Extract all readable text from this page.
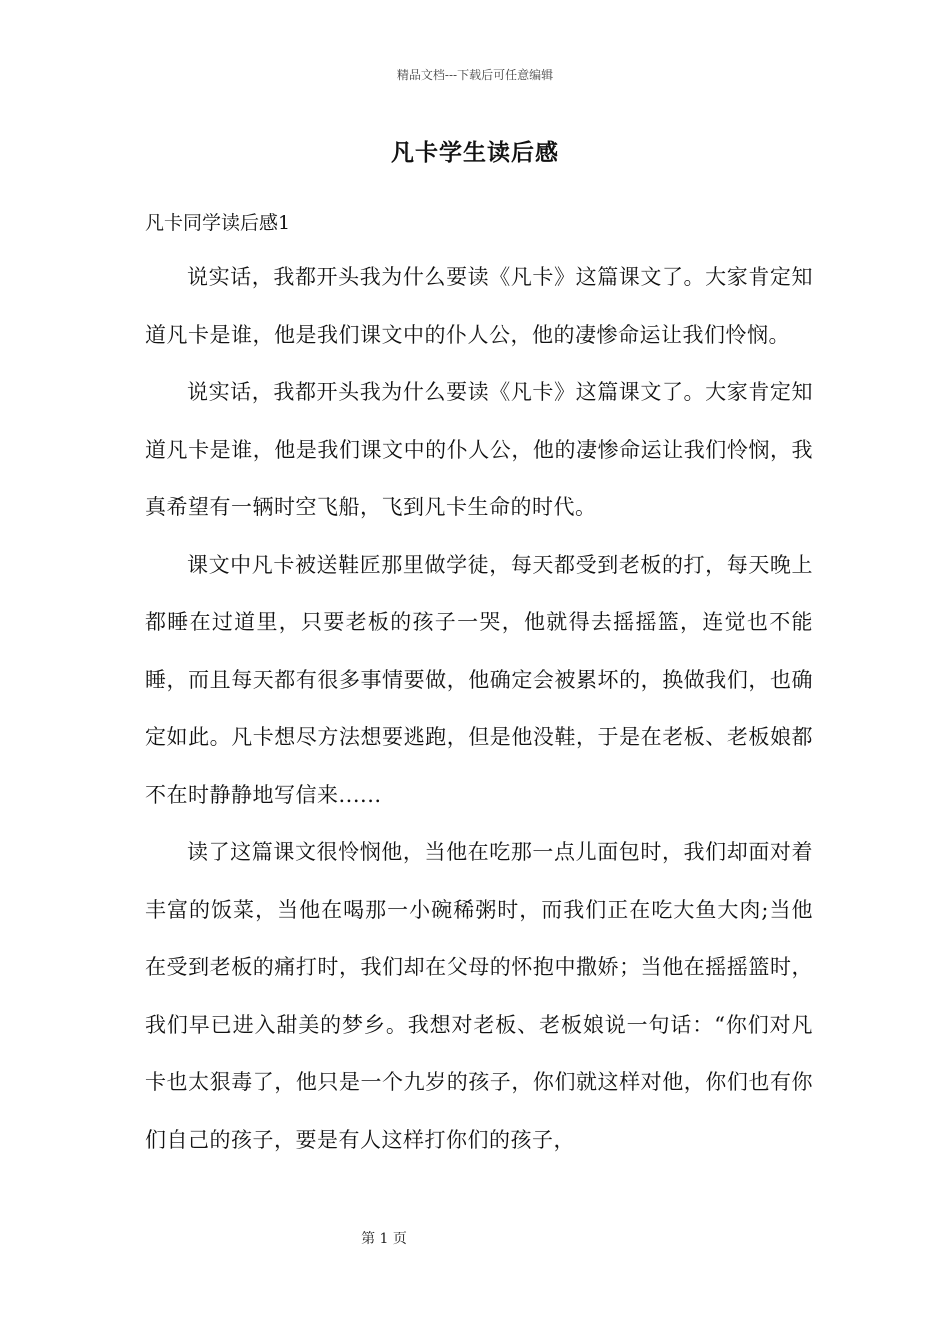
精品文档---下载后可任意编辑
凡卡学生读后感
凡卡同学读后感1

说实话，我都开头我为什么要读《凡卡》这篇课文了。大家肯定知道凡卡是谁，他是我们课文中的仆人公，他的凄惨命运让我们怜悯。

说实话，我都开头我为什么要读《凡卡》这篇课文了。大家肯定知道凡卡是谁，他是我们课文中的仆人公，他的凄惨命运让我们怜悯，我真希望有一辆时空飞船，飞到凡卡生命的时代。

课文中凡卡被送鞋匠那里做学徒，每天都受到老板的打，每天晚上都睡在过道里，只要老板的孩子一哭，他就得去摇摇篮，连觉也不能睡，而且每天都有很多事情要做，他确定会被累坏的，换做我们，也确定如此。凡卡想尽方法想要逃跑，但是他没鞋，于是在老板、老板娘都不在时静静地写信来......

读了这篇课文很怜悯他，当他在吃那一点儿面包时，我们却面对着丰富的饭菜，当他在喝那一小碗稀粥时，而我们正在吃大鱼大肉;当他在受到老板的痛打时，我们却在父母的怀抱中撒娇；当他在摇摇篮时，我们早已进入甜美的梦乡。我想对老板、老板娘说一句话：“你们对凡卡也太狠毒了，他只是一个九岁的孩子，你们就这样对他，你们也有你们自己的孩子，要是有人这样打你们的孩子，

第 1 页
